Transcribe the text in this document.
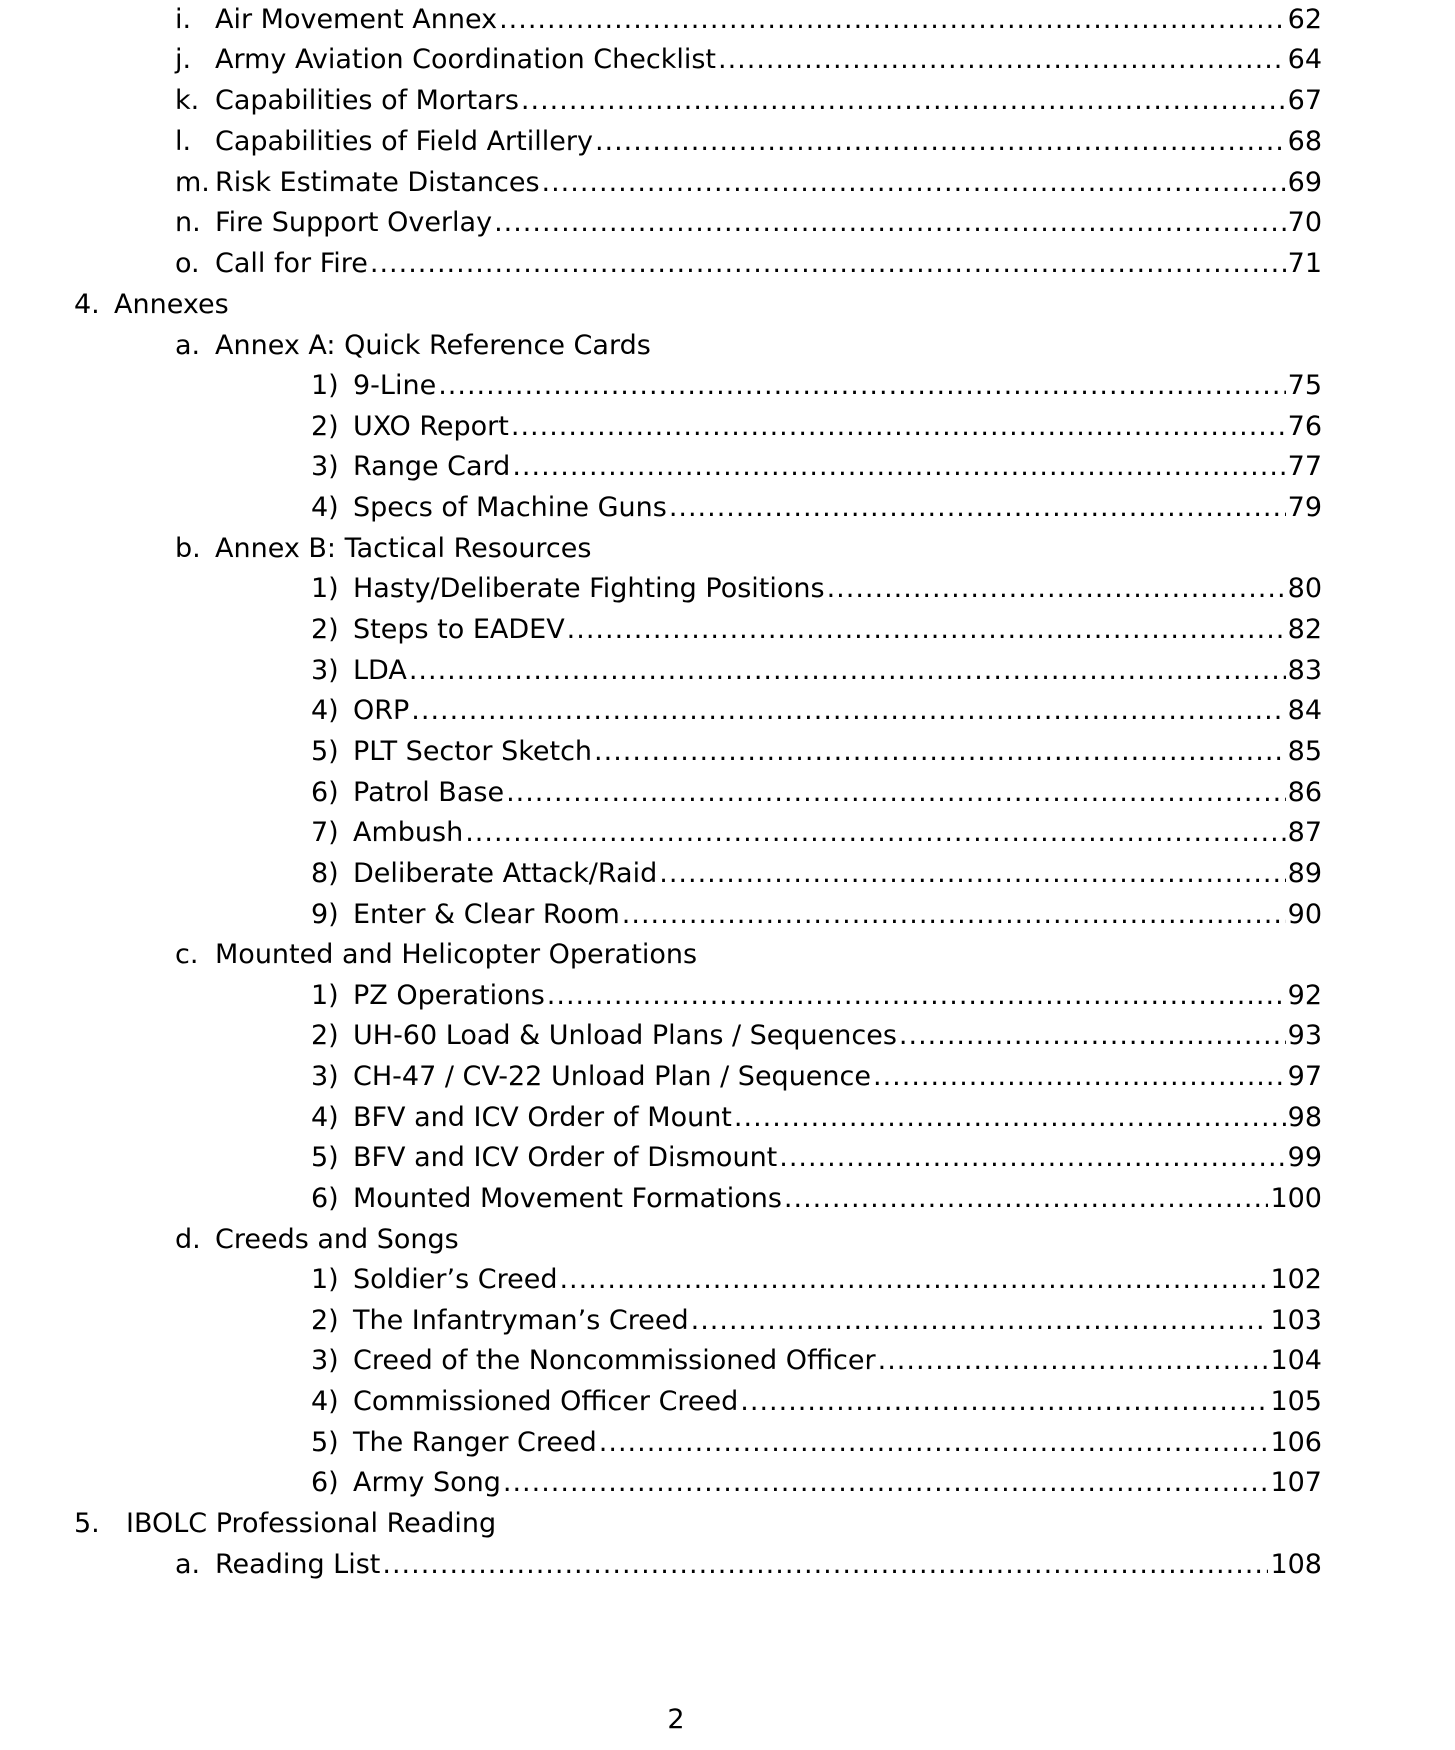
i. Air Movement Annex .....	62
j. Army Aviation Coordination Checklist .....	64
k. Capabilities of Mortars .....	67
l. Capabilities of Field Artillery .....	68
m. Risk Estimate Distances .....	69
n. Fire Support Overlay .....	70
o. Call for Fire .....	71
4. Annexes
a. Annex A: Quick Reference Cards
1) 9-Line .....	75
2) UXO Report .....	76
3) Range Card .....	77
4) Specs of Machine Guns .....	79
b. Annex B: Tactical Resources
1) Hasty/Deliberate Fighting Positions .....	80
2) Steps to EADEV .....	82
3) LDA .....	83
4) ORP .....	84
5) PLT Sector Sketch .....	85
6) Patrol Base .....	86
7) Ambush .....	87
8) Deliberate Attack/Raid .....	89
9) Enter & Clear Room .....	90
c. Mounted and Helicopter Operations
1) PZ Operations .....	92
2) UH-60 Load & Unload Plans / Sequences .....	93
3) CH-47 / CV-22 Unload Plan / Sequence .....	97
4) BFV and ICV Order of Mount .....	98
5) BFV and ICV Order of Dismount .....	99
6) Mounted Movement Formations .....	100
d. Creeds and Songs
1) Soldier’s Creed .....	102
2) The Infantryman’s Creed .....	103
3) Creed of the Noncommissioned Officer .....	104
4) Commissioned Officer Creed .....	105
5) The Ranger Creed .....	106
6) Army Song .....	107
5. IBOLC Professional Reading
a. Reading List .....	108
2
